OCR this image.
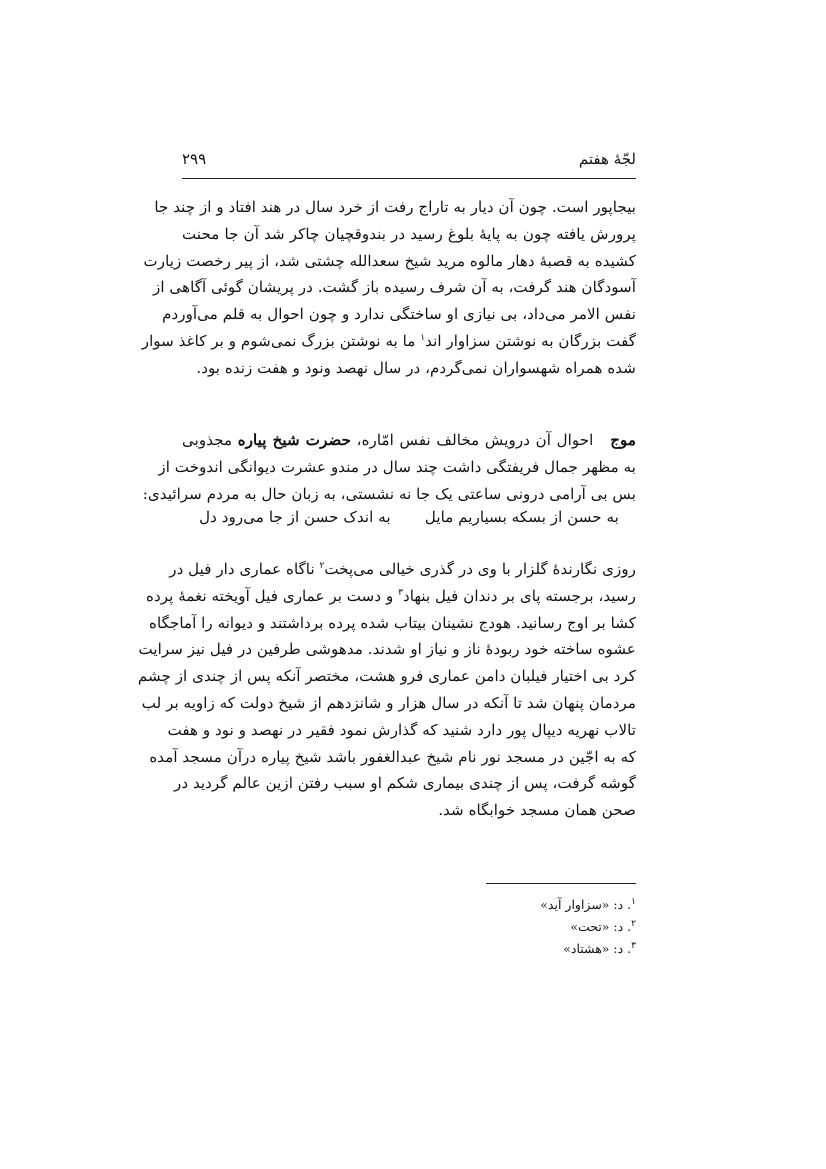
لجّهٔ هفتم
۲۹۹

بیجاپور است. چون آن دیار به تاراج رفت از خرد سال در هند افتاد و از چند جا

پرورش یافته چون به پایهٔ بلوغ رسید در بندوقچیان چاکر شد آن جا محنت

کشیده به قصبهٔ دهار مالوه مرید شیخ سعدالله چشتی شد، از پیر رخصت زیارت

آسودگان هند گرفت، به آن شرف رسیده باز گشت. در پریشان گوئی آگاهی از

نفس الامر می‌داد، بی نیازی او ساختگی ندارد و چون احوال به قلم می‌آوردم

گفت بزرگان به نوشتن سزاوار اند$^۱$ ما به نوشتن بزرگ نمی‌شوم و بر کاغذ سوار

شده همراه شهسواران نمی‌گردم، در سال نهصد ونود و هفت زنده بود.

موج   احوال آن درویش مخالف نفس امّاره، حضرت شیخ پیاره مجذوبی

به مظهر جمال فریفتگی داشت چند سال در مندو عشرت دیوانگی اندوخت از

بس بی آرامی درونی ساعتی یک جا نه نشستی، به زبان حال به مردم سرائیدی:

به حسن از بسکه بسیاریم مایل
به اندک حسن از جا می‌رود دل

روزی نگارندهٔ گلزار با وی در گذری خیالی می‌پخت$^۲$ ناگاه عماری دار فیل در

رسید، برجسته پای بر دندان فیل بنهاد$^۳$ و دست بر عماری فیل آویخته نغمهٔ پرده

کشا بر اوج رسانید. هودج نشینان بیتاب شده پرده برداشتند و دیوانه را آماجگاه

عشوه ساخته خود ربودهٔ ناز و نیاز او شدند. مدهوشی طرفین در فیل نیز سرایت

کرد بی اختیار فیلبان دامن عماری فرو هشت، مختصر آنکه پس از چندی از چشم

مردمان پنهان شد تا آنکه در سال هزار و شانزدهم از شیخ دولت که زاویه بر لب

تالاب نهریه دیپال پور دارد شنید که گذارش نمود فقیر در نهصد و نود و هفت

که به اجّین در مسجد نور نام شیخ عبدالغفور باشد شیخ پیاره درآن مسجد آمده

گوشه گرفت، پس از چندی بیماری شکم او سبب رفتن ازین عالم گردید در

صحن همان مسجد خوابگاه شد.

$^۱$. د: «سزاوار آید»
$^۲$. د: «تحت»
$^۳$. د: «هشتاد»
